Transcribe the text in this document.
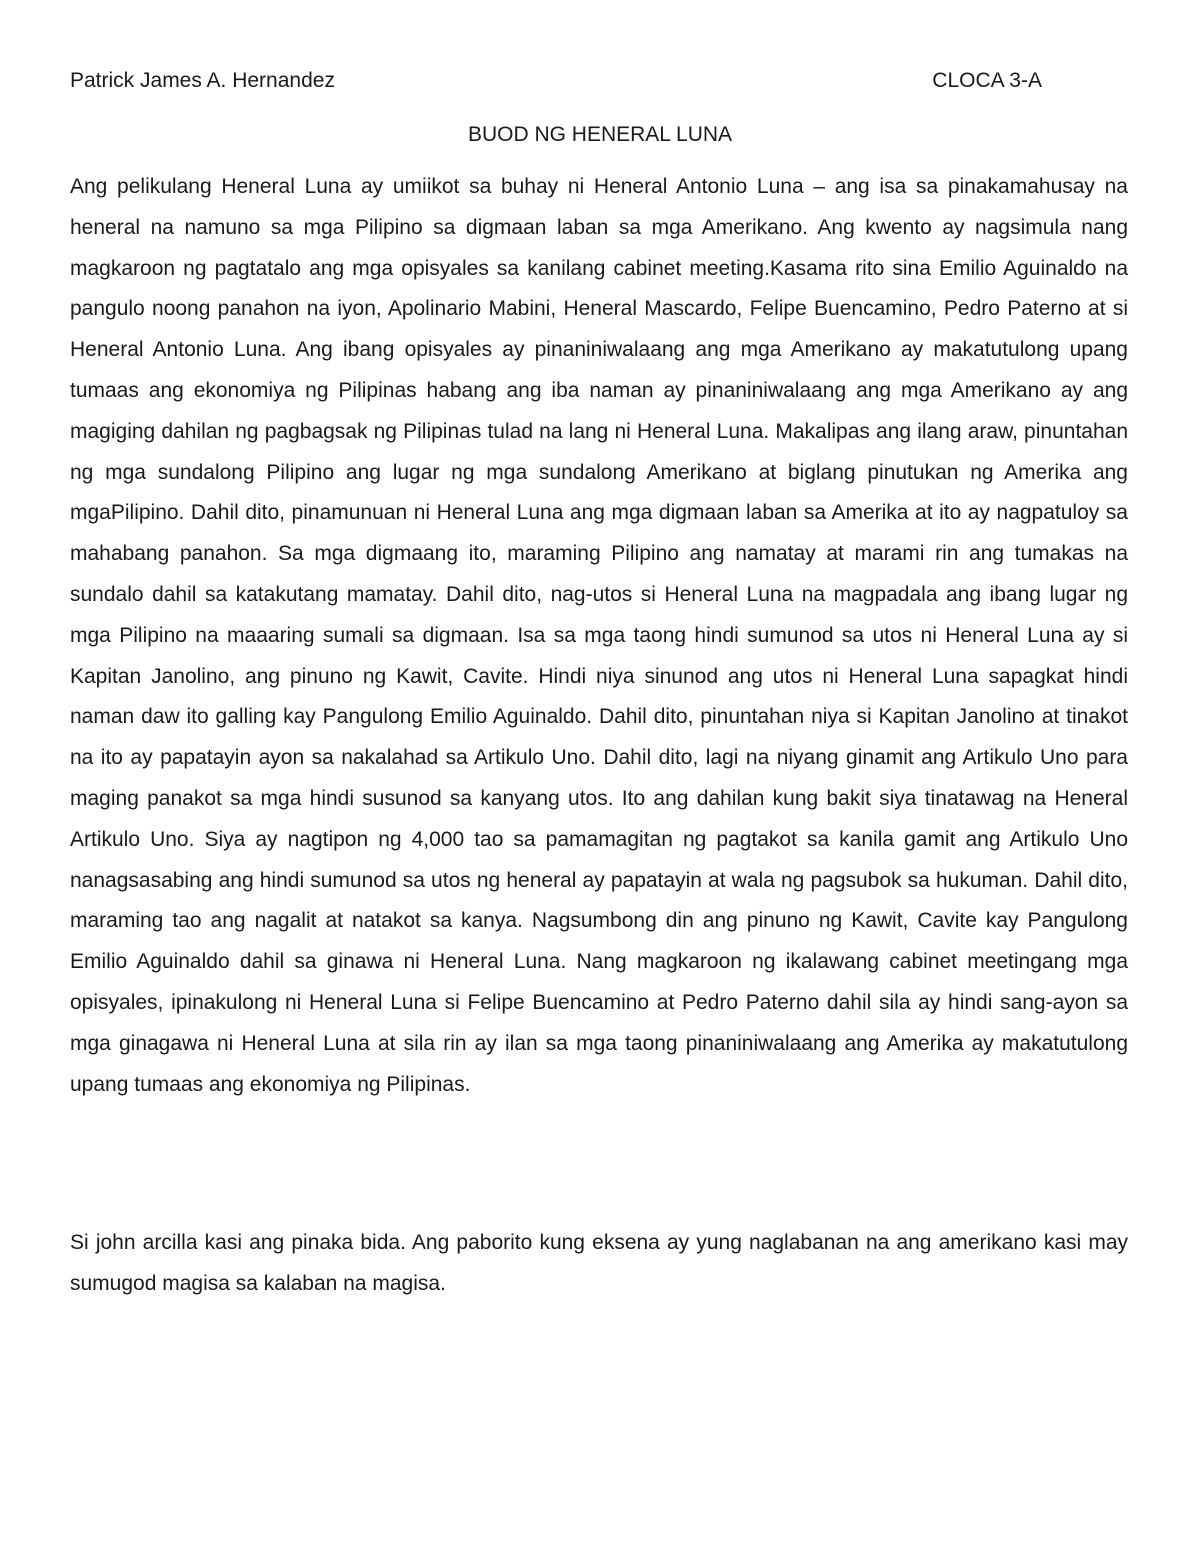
Patrick James A. Hernandez	CLOCA 3-A
BUOD NG HENERAL LUNA

Ang pelikulang Heneral Luna ay umiikot sa buhay ni Heneral Antonio Luna – ang isa sa pinakamahusay na heneral na namuno sa mga Pilipino sa digmaan laban sa mga Amerikano. Ang kwento ay nagsimula nang magkaroon ng pagtatalo ang mga opisyales sa kanilang cabinet meeting.Kasama rito sina Emilio Aguinaldo na pangulo noong panahon na iyon, Apolinario Mabini, Heneral Mascardo, Felipe Buencamino, Pedro Paterno at si Heneral Antonio Luna. Ang ibang opisyales ay pinaniniwalaang ang mga Amerikano ay makatutulong upang tumaas ang ekonomiya ng Pilipinas habang ang iba naman ay pinaniniwalaang ang mga Amerikano ay ang magiging dahilan ng pagbagsak ng Pilipinas tulad na lang ni Heneral Luna. Makalipas ang ilang araw, pinuntahan ng mga sundalong Pilipino ang lugar ng mga sundalong Amerikano at biglang pinutukan ng Amerika ang mgaPilipino. Dahil dito, pinamunuan ni Heneral Luna ang mga digmaan laban sa Amerika at ito ay nagpatuloy sa mahabang panahon. Sa mga digmaang ito, maraming Pilipino ang namatay at marami rin ang tumakas na sundalo dahil sa katakutang mamatay. Dahil dito, nag-utos si Heneral Luna na magpadala ang ibang lugar ng mga Pilipino na maaaring sumali sa digmaan. Isa sa mga taong hindi sumunod sa utos ni Heneral Luna ay si Kapitan Janolino, ang pinuno ng Kawit, Cavite. Hindi niya sinunod ang utos ni Heneral Luna sapagkat hindi naman daw ito galling kay Pangulong Emilio Aguinaldo. Dahil dito, pinuntahan niya si Kapitan Janolino at tinakot na ito ay papatayin ayon sa nakalahad sa Artikulo Uno. Dahil dito, lagi na niyang ginamit ang Artikulo Uno para maging panakot sa mga hindi susunod sa kanyang utos. Ito ang dahilan kung bakit siya tinatawag na Heneral Artikulo Uno. Siya ay nagtipon ng 4,000 tao sa pamamagitan ng pagtakot sa kanila gamit ang Artikulo Uno nanagsasabing ang hindi sumunod sa utos ng heneral ay papatayin at wala ng pagsubok sa hukuman. Dahil dito, maraming tao ang nagalit at natakot sa kanya. Nagsumbong din ang pinuno ng Kawit, Cavite kay Pangulong Emilio Aguinaldo dahil sa ginawa ni Heneral Luna. Nang magkaroon ng ikalawang cabinet meetingang mga opisyales, ipinakulong ni Heneral Luna si Felipe Buencamino at Pedro Paterno dahil sila ay hindi sang-ayon sa mga ginagawa ni Heneral Luna at sila rin ay ilan sa mga taong pinaniniwalaang ang Amerika ay makatutulong upang tumaas ang ekonomiya ng Pilipinas.

Si john arcilla kasi ang pinaka bida. Ang paborito kung eksena ay yung naglabanan na ang amerikano kasi may sumugod magisa sa kalaban na magisa.
